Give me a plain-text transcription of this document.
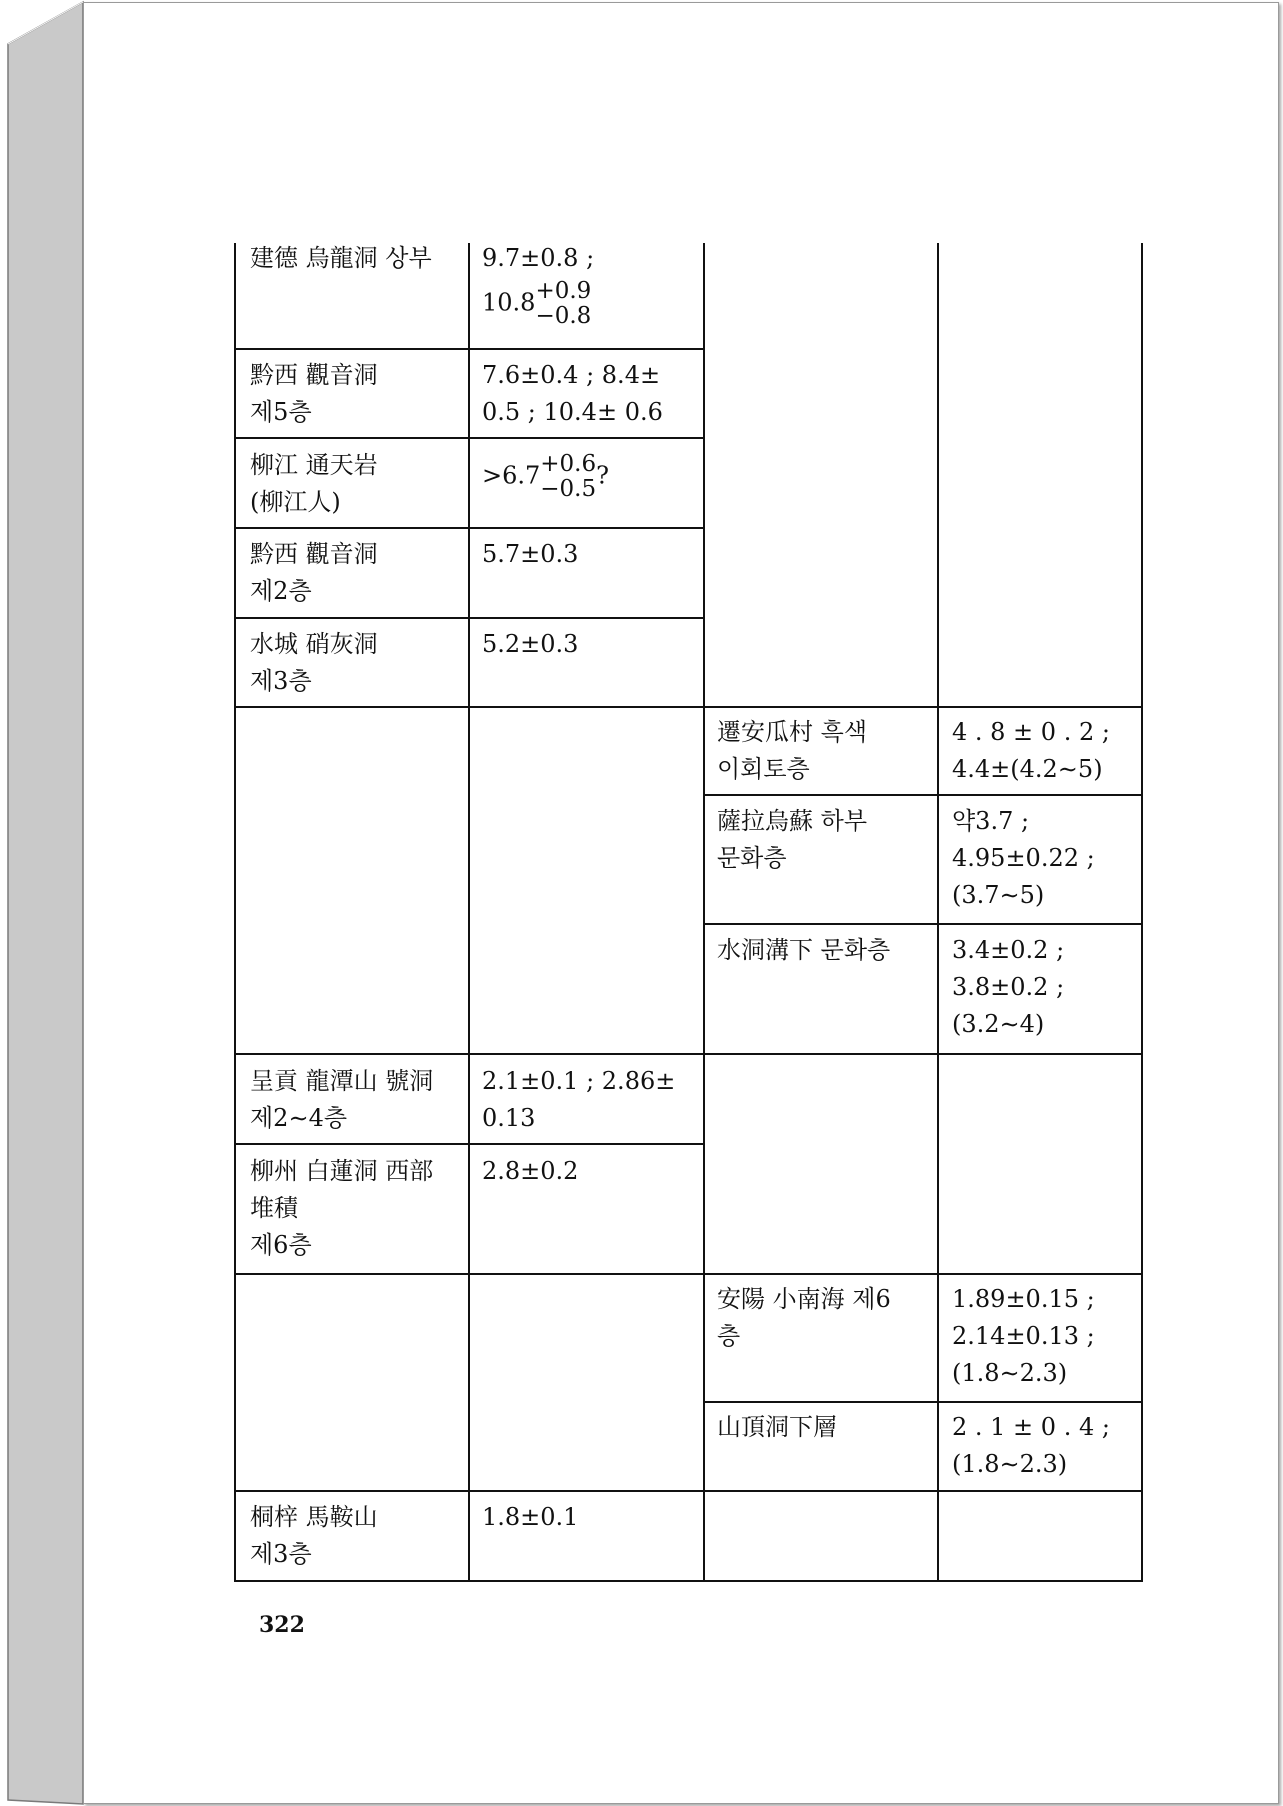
建德 烏龍洞 상부 9.7±0.8 ;
10.8 +0.9
−0.8
黔西 觀音洞
제5층
7.6±0.4 ; 8.4±
0.5 ; 10.4± 0.6
柳江 通天岩
(柳江人)
>6.7 +0.6
−0.5 ?
黔西 觀音洞
제2층
5.7±0.3
水城 硝灰洞
제3층
5.2±0.3
遷安瓜村 흑색
이회토층
4 . 8 ± 0 . 2 ;
4.4±(4.2∼5)
薩拉烏蘇 하부
문화층
약3.7 ;
4.95±0.22 ;
(3.7∼5)
水洞溝下 문화층	3.4±0.2 ;
3.8±0.2 ;
(3.2∼4)
呈貢 龍潭山 號洞
제2∼4층
2.1±0.1 ; 2.86±
0.13
柳州 白蓮洞 西部
堆積
제6층
2.8±0.2
安陽 小南海 제6
층
1.89±0.15 ;
2.14±0.13 ;
(1.8∼2.3)
山頂洞下層	2 . 1 ± 0 . 4 ;
(1.8∼2.3)
桐梓 馬鞍山
제3층
1.8±0.1
322
